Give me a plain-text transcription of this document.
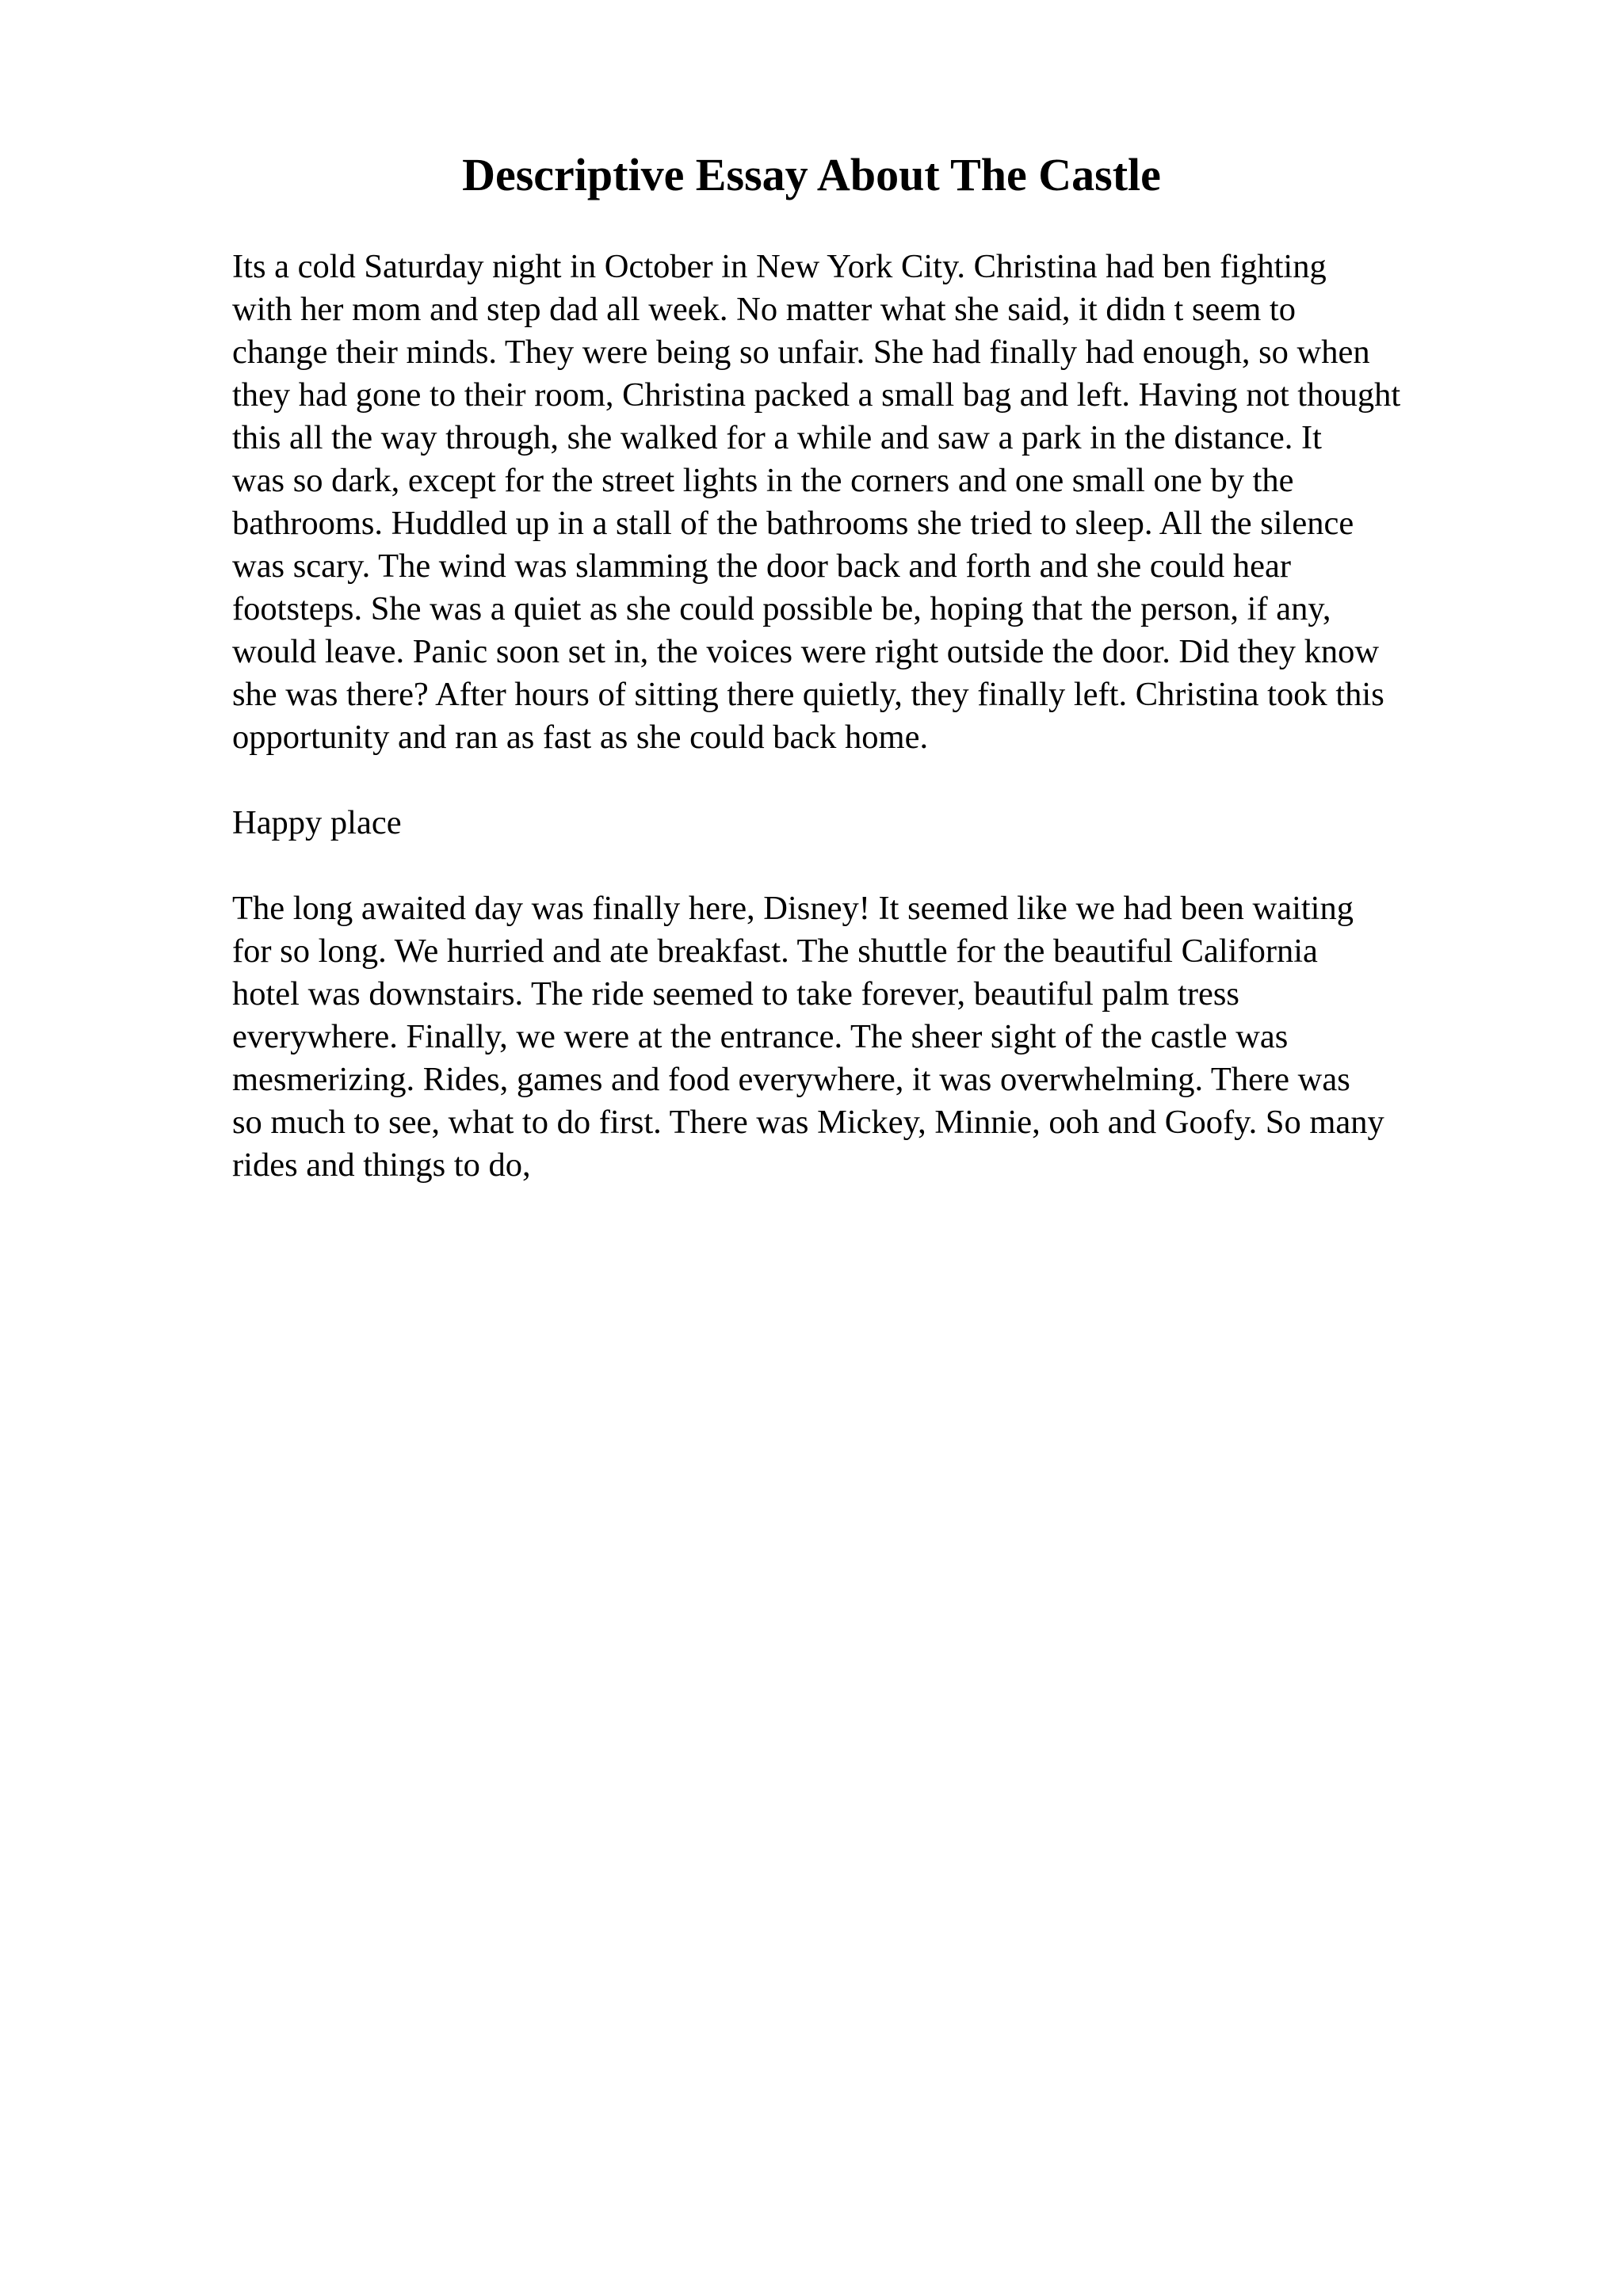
Descriptive Essay About The Castle
Its a cold Saturday night in October in New York City. Christina had ben fighting
with her mom and step dad all week. No matter what she said, it didn t seem to
change their minds. They were being so unfair. She had finally had enough, so when
they had gone to their room, Christina packed a small bag and left. Having not thought
this all the way through, she walked for a while and saw a park in the distance. It
was so dark, except for the street lights in the corners and one small one by the
bathrooms. Huddled up in a stall of the bathrooms she tried to sleep. All the silence
was scary. The wind was slamming the door back and forth and she could hear
footsteps. She was a quiet as she could possible be, hoping that the person, if any,
would leave. Panic soon set in, the voices were right outside the door. Did they know
she was there? After hours of sitting there quietly, they finally left. Christina took this
opportunity and ran as fast as she could back home.
Happy place
The long awaited day was finally here, Disney! It seemed like we had been waiting
for so long. We hurried and ate breakfast. The shuttle for the beautiful California
hotel was downstairs. The ride seemed to take forever, beautiful palm tress
everywhere. Finally, we were at the entrance. The sheer sight of the castle was
mesmerizing. Rides, games and food everywhere, it was overwhelming. There was
so much to see, what to do first. There was Mickey, Minnie, ooh and Goofy. So many
rides and things to do,
